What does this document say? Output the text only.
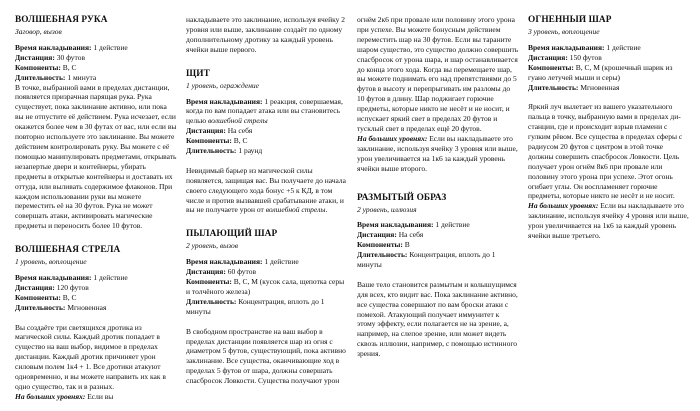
ВОЛШЕБНАЯ РУКА

Заговор, вызов

Время накладывания: 1 действие

Дистанция: 30 футов

Компоненты: В, С

Длительность: 1 минута

В точке, выбранной вами в пределах дистанции, появляется призрачная парящая рука. Рука существует, пока заклинание активно, или пока вы не отпустите её действием. Рука исчезает, если окажется более чем в 30 футах от вас, или если вы повторно используете это заклинание. Вы можете действием контролировать руку. Вы можете с её помощью манипулировать предметами, открывать незапертые двери и контейнеры, убирать предметы в открытые контейнеры и доставать их оттуда, или выливать содержимое флаконов. При каждом использовании руки вы можете переместить её на 30 футов. Рука не может совершать атаки, активировать магические предметы и переносить более 10 футов.

ВОЛШЕБНАЯ СТРЕЛА

1 уровень, воплощение

Время накладывания: 1 действие

Дистанция: 120 футов

Компоненты: В, С

Длительность: Мгновенная

Вы создаёте три светящихся дротика из магической силы. Каждый дротик попадает в существо на ваш выбор, видимое в пределах дистанции. Каждый дротик причиняет урон силовым полем 1к4 + 1. Все дротики атакуют одновременно, и вы можете направить их как в одно существо, так и в разных.

На больших уровнях: Если вы

накладываете это заклинание, используя ячейку 2 уровня или выше, заклинание создаёт по одному дополнительному дротику за каждый уровень ячейки выше первого.

ЩИТ

1 уровень, ограждение

Время накладывания: 1 реакция, совершаемая, когда по вам попадает атака или вы становитесь целью волшебной стрелы

Дистанция: На себя

Компоненты: В, С

Длительность: 1 раунд

Невидимый барьер из магической силы появляется, защищая вас. Вы получаете до начала своего следующего хода бонус +5 к КД, в том числе и против вызвавшей срабатывание атаки, и вы не получаете урон от волшебной стрелы.

ПЫЛАЮЩИЙ ШАР

2 уровень, вызов

Время накладывания: 1 действие

Дистанция: 60 футов

Компоненты: В, С, М (кусок сала, щепотка серы и толчёного железа)

Длительность: Концентрация, вплоть до 1 минуты

В свободном пространстве на ваш выбор в пределах дистанции появляется шар из огня с диаметром 5 футов, существующий, пока активно заклинание. Все существа, оканчивающие ход в пределах 5 футов от шара, должны совершать спасбросок Ловкости. Существа получают урон

огнём 2к6 при провале или половину этого урона при успехе. Вы можете бонусным действием переместить шар на 30 футов. Если вы тараните шаром существо, это существо должно совершить спасбросок от урона шара, и шар останавливается до конца этого хода. Когда вы перемещаете шар, вы можете поднимать его над препятствиями до 5 футов в высоту и перепрыгивать им разломы до 10 футов в длину. Шар поджигает горючие предметы, которые никто не несёт и не носит, и испускает яркий свет в пределах 20 футов и тусклый свет в пределах ещё 20 футов.

На больших уровнях: Если вы накладываете это заклинание, используя ячейку 3 уровня или выше, урон увеличивается на 1к6 за каждый уровень ячейки выше второго.

РАЗМЫТЫЙ ОБРАЗ

2 уровень, иллюзия

Время накладывания: 1 действие

Дистанция: На себя

Компоненты: В

Длительность: Концентрация, вплоть до 1 минуты

Ваше тело становится размытым и колышущимся для всех, кто видит вас. Пока заклинание активно, все существа совершают по вам броски атаки с помехой. Атакующий получает иммунитет к этому эффекту, если полагается не на зрение, а, например, на слепое зрение, или может видеть сквозь иллюзии, например, с помощью истинного зрения.

ОГНЕННЫЙ ШАР

3 уровень, воплощение

Время накладывания: 1 действие

Дистанция: 150 футов

Компоненты: В, С, М (крошечный шарик из гуано летучей мыши и серы)

Длительность: Мгновенная

Яркий луч вылетает из вашего указательного пальца в точку, выбранную вами в пределах ди-станции, где и происходит взрыв пламени с гулким рёвом. Все существа в пределах сферы с радиусом 20 футов с центром в этой точке должны совершить спасбросок Ловкости. Цель получает урон огнём 8к6 при провале или половину этого урона при успехе. Этот огонь огибает углы. Он воспламеняет горючие предметы, которые никто не несёт и не носит.

На больших уровнях: Если вы накладываете это заклинание, используя ячейку 4 уровня или выше, урон увеличивается на 1к6 за каждый уровень ячейки выше третьего.
